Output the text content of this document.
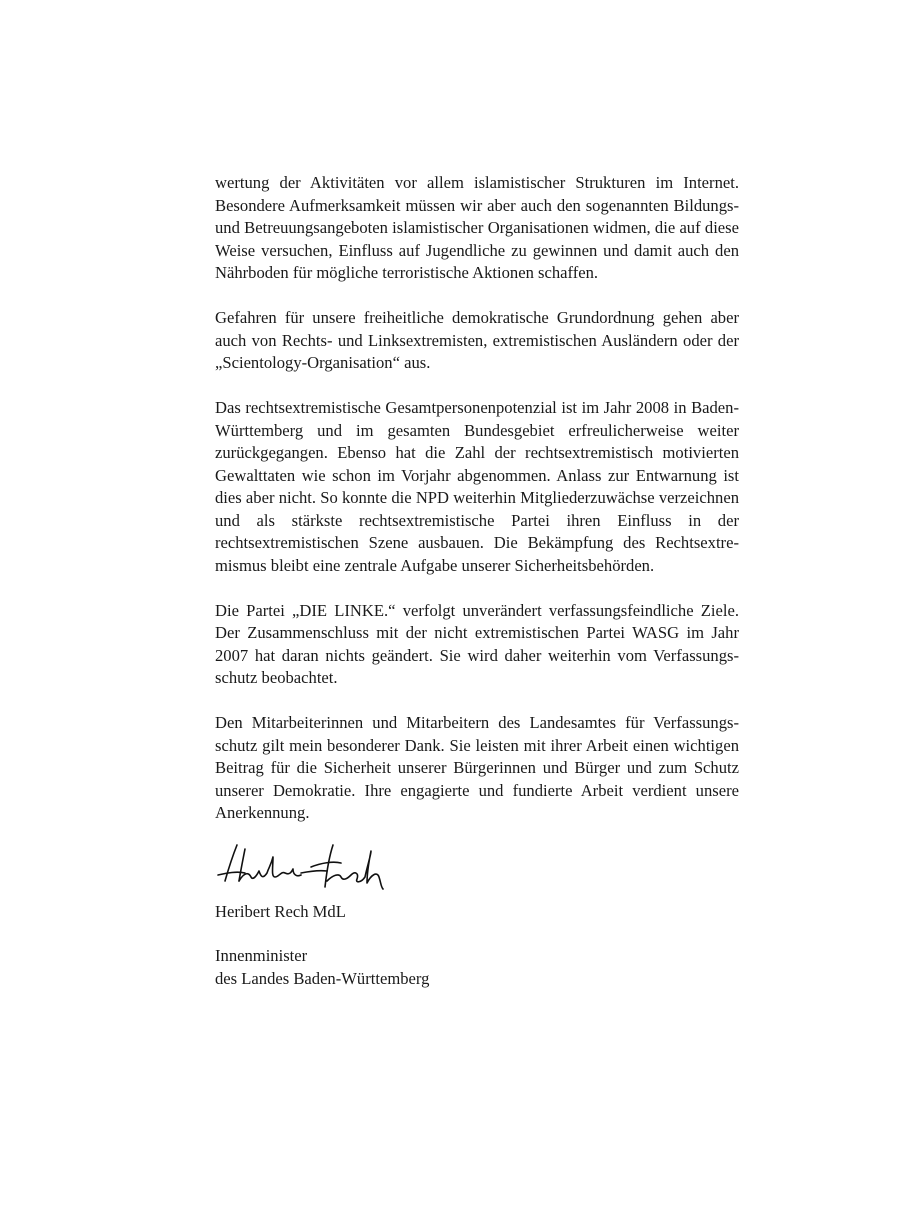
wertung der Aktivitäten vor allem islamistischer Strukturen im Internet. Besondere Aufmerksamkeit müssen wir aber auch den sogenannten Bildungs- und Betreuungsangeboten islamistischer Organisationen widmen, die auf diese Weise versuchen, Einfluss auf Jugendliche zu gewinnen und damit auch den Nährboden für mögliche terroristische Aktionen schaffen.

Gefahren für unsere freiheitliche demokratische Grundordnung gehen aber auch von Rechts- und Linksextremisten, extremistischen Ausländern oder der „Scientology-Organisation“ aus.

Das rechtsextremistische Gesamtpersonenpotenzial ist im Jahr 2008 in Baden-Württemberg und im gesamten Bundesgebiet erfreulicherweise weiter zurückgegangen. Ebenso hat die Zahl der rechtsextremistisch motivierten Gewalttaten wie schon im Vorjahr abgenommen. Anlass zur Entwarnung ist dies aber nicht. So konnte die NPD weiterhin Mitgliederzuwächse verzeichnen und als stärkste rechtsextremistische Partei ihren Einfluss in der rechtsextremistischen Szene ausbauen. Die Bekämpfung des Rechtsextremismus bleibt eine zentrale Aufgabe unserer Sicherheitsbehörden.

Die Partei „DIE LINKE.“ verfolgt unverändert verfassungsfeindliche Ziele. Der Zusammenschluss mit der nicht extremistischen Partei WASG im Jahr 2007 hat daran nichts geändert. Sie wird daher weiterhin vom Verfassungsschutz beobachtet.

Den Mitarbeiterinnen und Mitarbeitern des Landesamtes für Verfassungsschutz gilt mein besonderer Dank. Sie leisten mit ihrer Arbeit einen wichtigen Beitrag für die Sicherheit unserer Bürgerinnen und Bürger und zum Schutz unserer Demokratie. Ihre engagierte und fundierte Arbeit verdient unsere Anerkennung.

Heribert Rech MdL

Innenminister

des Landes Baden-Württemberg
